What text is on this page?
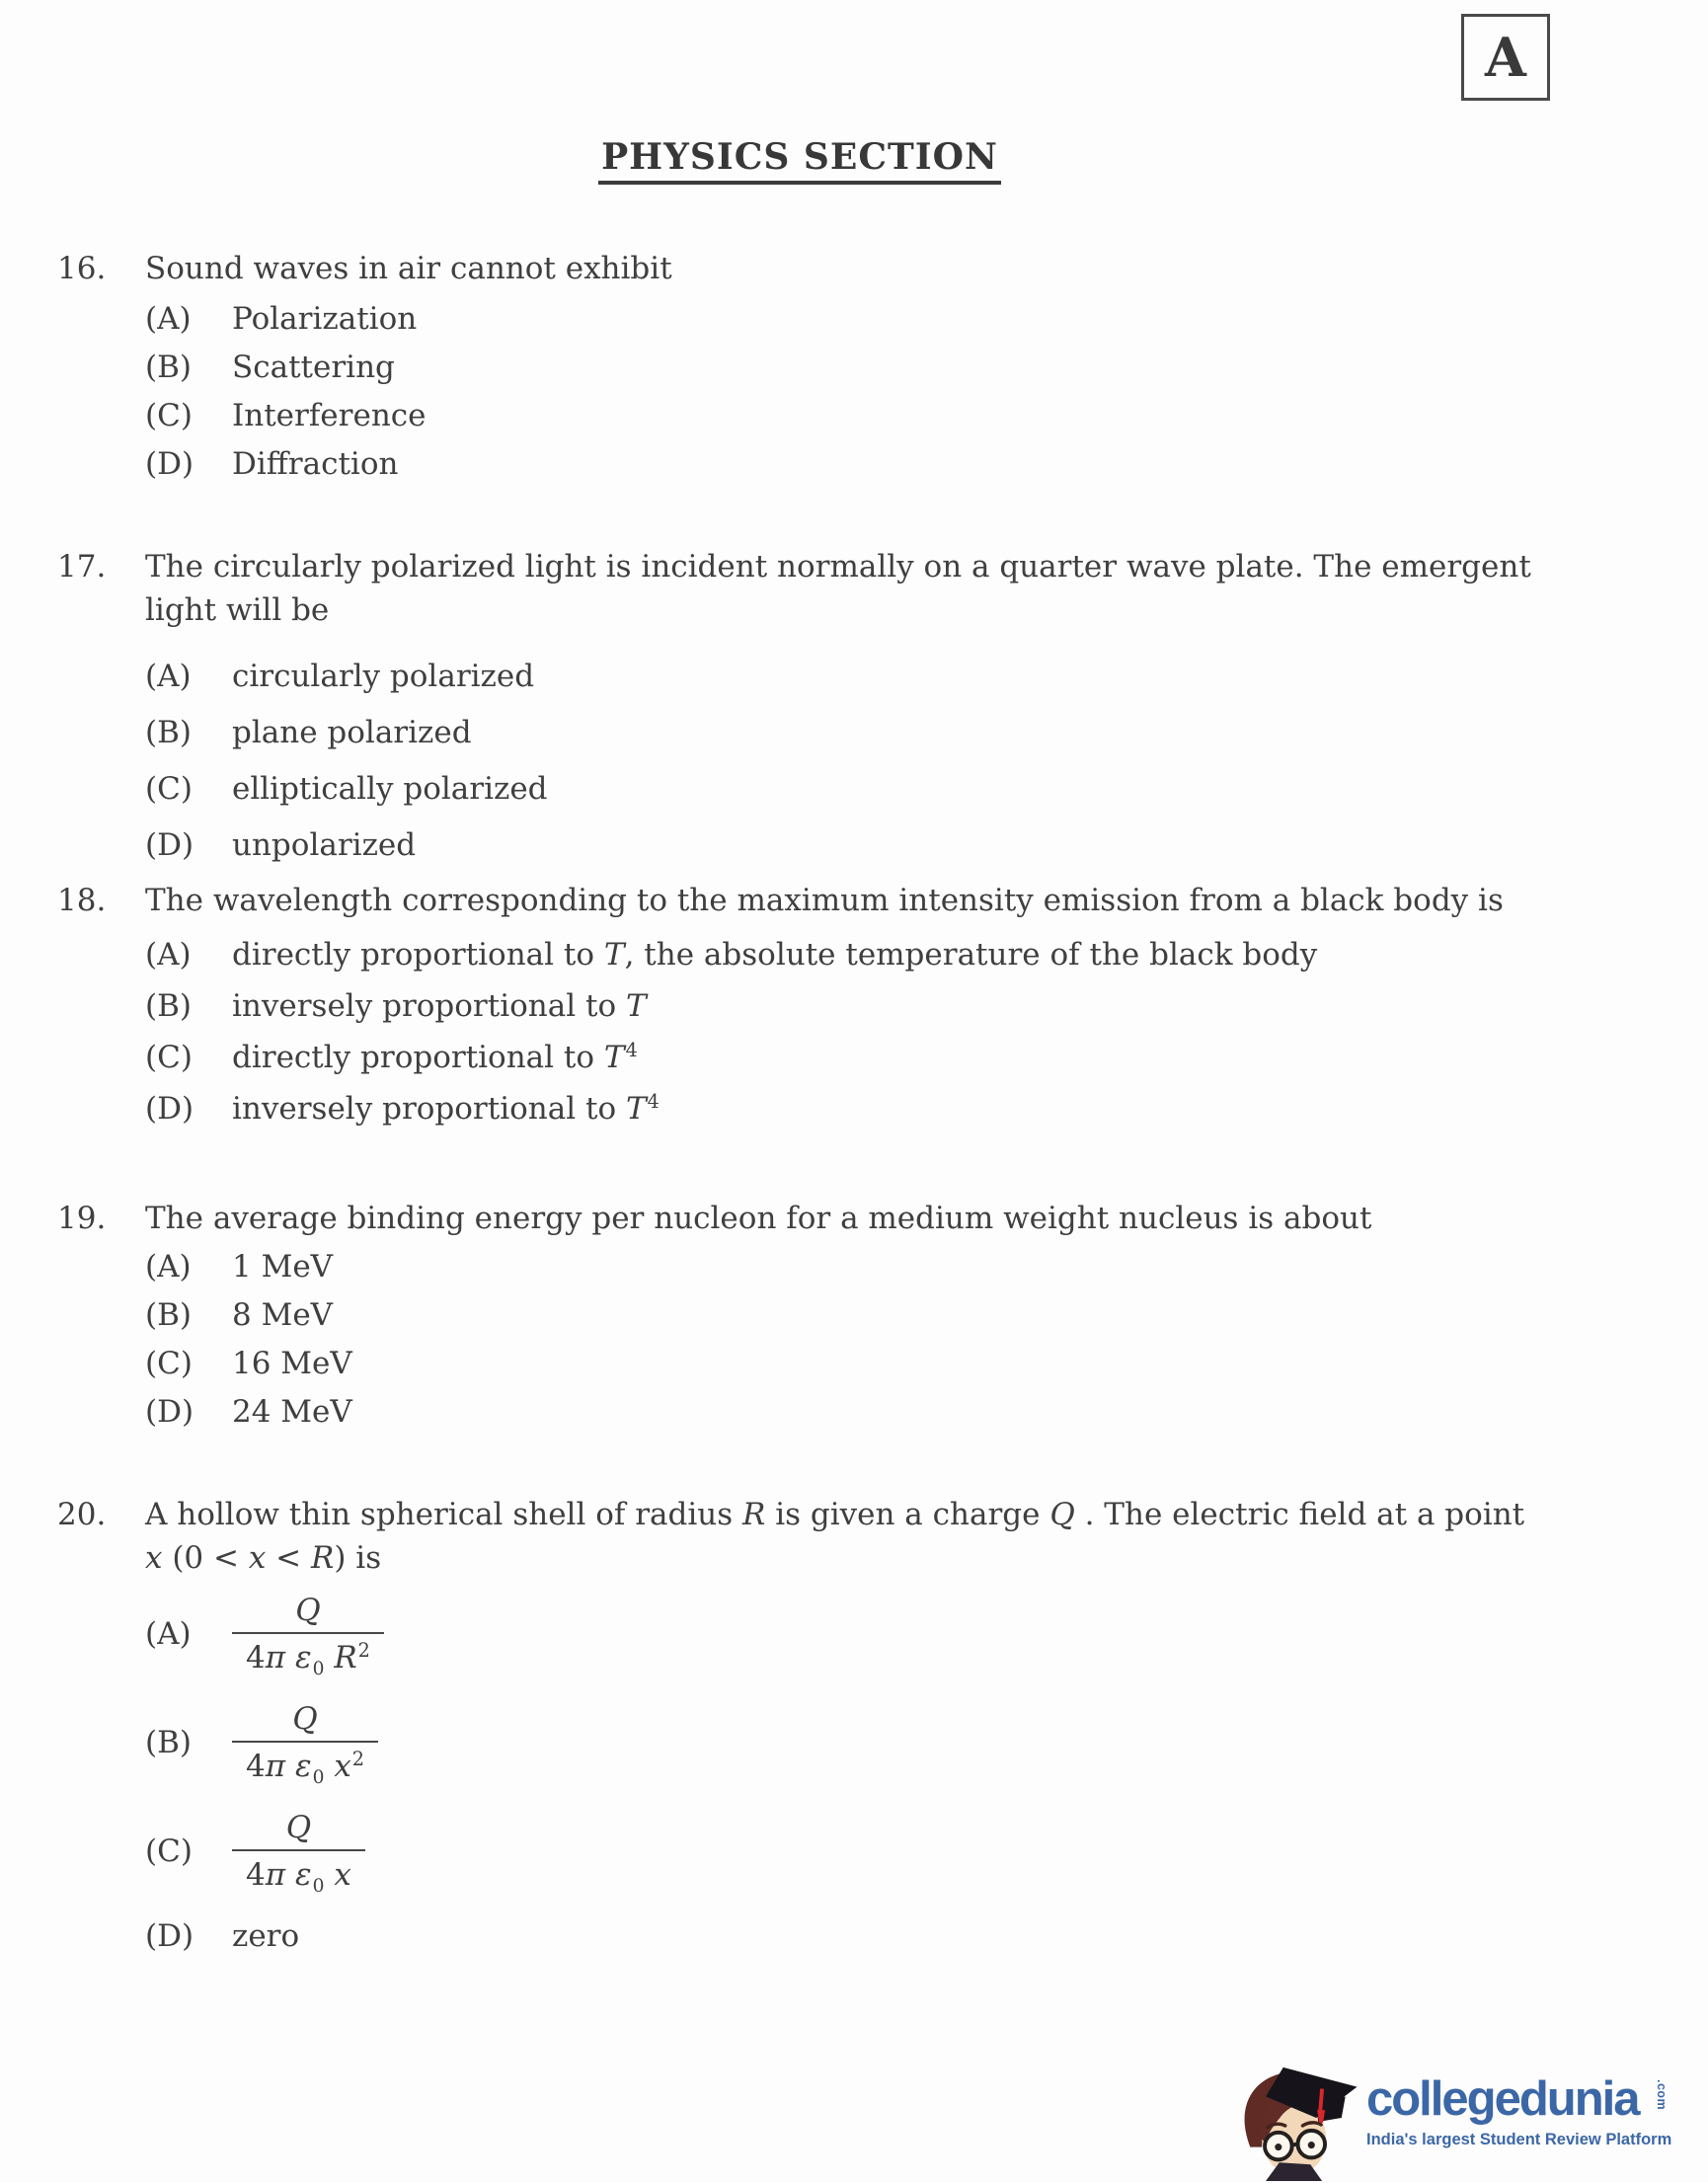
A
PHYSICS SECTION
16.	Sound waves in air cannot exhibit
(A)	Polarization
(B)	Scattering
(C)	Interference
(D)	Diffraction
17.	The circularly polarized light is incident normally on a quarter wave plate. The emergent
light will be
(A)	circularly polarized
(B)	plane polarized
(C)	elliptically polarized
(D)	unpolarized
18.	The wavelength corresponding to the maximum intensity emission from a black body is
(A)	directly proportional to T, the absolute temperature of the black body
(B)	inversely proportional to T
(C)	directly proportional to $T^4$
(D)	inversely proportional to $T^4$
19.	The average binding energy per nucleon for a medium weight nucleus is about
(A)	1 MeV
(B)	8 MeV
(C)	16 MeV
(D)	24 MeV
20.	A hollow thin spherical shell of radius R is given a charge Q . The electric field at a point
x (0 < x < R) is
(A)	$\frac{Q}{4\pi \varepsilon_0 R^2}$
(B)	$\frac{Q}{4\pi \varepsilon_0 x^2}$
(C)	$\frac{Q}{4\pi \varepsilon_0 x}$
(D)	zero
collegedunia .com
India's largest Student Review Platform
